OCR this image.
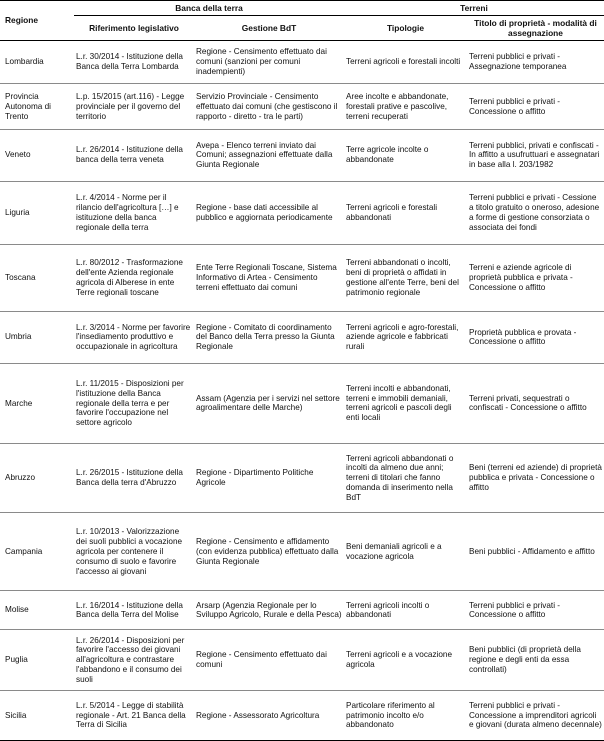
Regione	Banca della terra		Terreni	
	Riferimento legislativo	Gestione BdT	Tipologie	Titolo di proprietà - modalità di assegnazione
Lombardia	L.r. 30/2014 - Istituzione della Banca della Terra Lombarda	Regione - Censimento effettuato dai comuni (sanzioni per comuni inadempienti)	Terreni agricoli e forestali incolti	Terreni pubblici e privati - Assegnazione temporanea
Provincia Autonoma di Trento	L.p. 15/2015 (art.116) - Legge provinciale per il governo del territorio	Servizio Provinciale - Censimento effettuato dai comuni (che gestiscono il rapporto - diretto - tra le parti)	Aree incolte e abbandonate, forestali prative e pascolive, terreni recuperati	Terreni pubblici e privati - Concessione o affitto
Veneto	L.r. 26/2014 - Istituzione della banca della terra veneta	Avepa - Elenco terreni inviato dai Comuni; assegnazioni effettuate dalla Giunta Regionale	Terre agricole incolte o abbandonate	Terreni pubblici, privati e confiscati - In affitto a usufruttuari e assegnatari in base alla l. 203/1982
Liguria	L.r. 4/2014 - Norme per il rilancio dell'agricoltura […] e istituzione della banca regionale della terra	Regione - base dati accessibile al pubblico e aggiornata periodicamente	Terreni agricoli e forestali abbandonati	Terreni pubblici e privati - Cessione a titolo gratuito o oneroso, adesione a forme di gestione consorziata o associata dei fondi
Toscana	L.r. 80/2012 - Trasformazione dell'ente Azienda regionale agricola di Alberese in ente Terre regionali toscane	Ente Terre Regionali Toscane, Sistema Informativo di Artea - Censimento terreni effettuato dai comuni	Terreni abbandonati o incolti, beni di proprietà o affidati in gestione all'ente Terre, beni del patrimonio regionale	Terreni e aziende agricole di proprietà pubblica e privata - Concessione o affitto
Umbria	L.r. 3/2014 - Norme per favorire l'insediamento produttivo e occupazionale in agricoltura	Regione - Comitato di coordinamento del Banco della Terra presso la Giunta Regionale	Terreni agricoli e agro-forestali, aziende agricole e fabbricati rurali	Proprietà pubblica e provata - Concessione o affitto
Marche	L.r. 11/2015 - Disposizioni per l'istituzione della Banca regionale della terra e per favorire l'occupazione nel settore agricolo	Assam (Agenzia per i servizi nel settore agroalimentare delle Marche)	Terreni incolti e abbandonati, terreni e immobili demaniali, terreni agricoli e pascoli degli enti locali	Terreni privati, sequestrati o confiscati - Concessione o affitto
Abruzzo	L.r. 26/2015 - Istituzione della Banca della terra d'Abruzzo	Regione - Dipartimento Politiche Agricole	Terreni agricoli abbandonati o incolti da almeno due anni; terreni di titolari che fanno domanda di inserimento nella BdT	Beni (terreni ed aziende) di proprietà pubblica e privata - Concessione o affitto
Campania	L.r. 10/2013 - Valorizzazione dei suoli pubblici a vocazione agricola per contenere il consumo di suolo e favorire l'accesso ai giovani	Regione - Censimento e affidamento (con evidenza pubblica) effettuato dalla Giunta Regionale	Beni demaniali agricoli e a vocazione agricola	Beni pubblici - Affidamento e affitto
Molise	L.r. 16/2014 - Istituzione della Banca della Terra del Molise	Arsarp (Agenzia Regionale per lo Sviluppo Agricolo, Rurale e della Pesca)	Terreni agricoli incolti o abbandonati	Terreni pubblici e privati - Concessione o affitto
Puglia	L.r. 26/2014 - Disposizioni per favorire l'accesso dei giovani all'agricoltura e contrastare l'abbandono e il consumo dei suoli	Regione - Censimento effettuato dai comuni	Terreni agricoli e a vocazione agricola	Beni pubblici (di proprietà della regione e degli enti da essa controllati)
Sicilia	L.r. 5/2014 - Legge di stabilità regionale - Art. 21 Banca della Terra di Sicilia	Regione - Assessorato Agricoltura	Particolare riferimento al patrimonio incolto e/o abbandonato	Terreni pubblici e privati - Concessione a imprenditori agricoli e giovani (durata almeno decennale)
